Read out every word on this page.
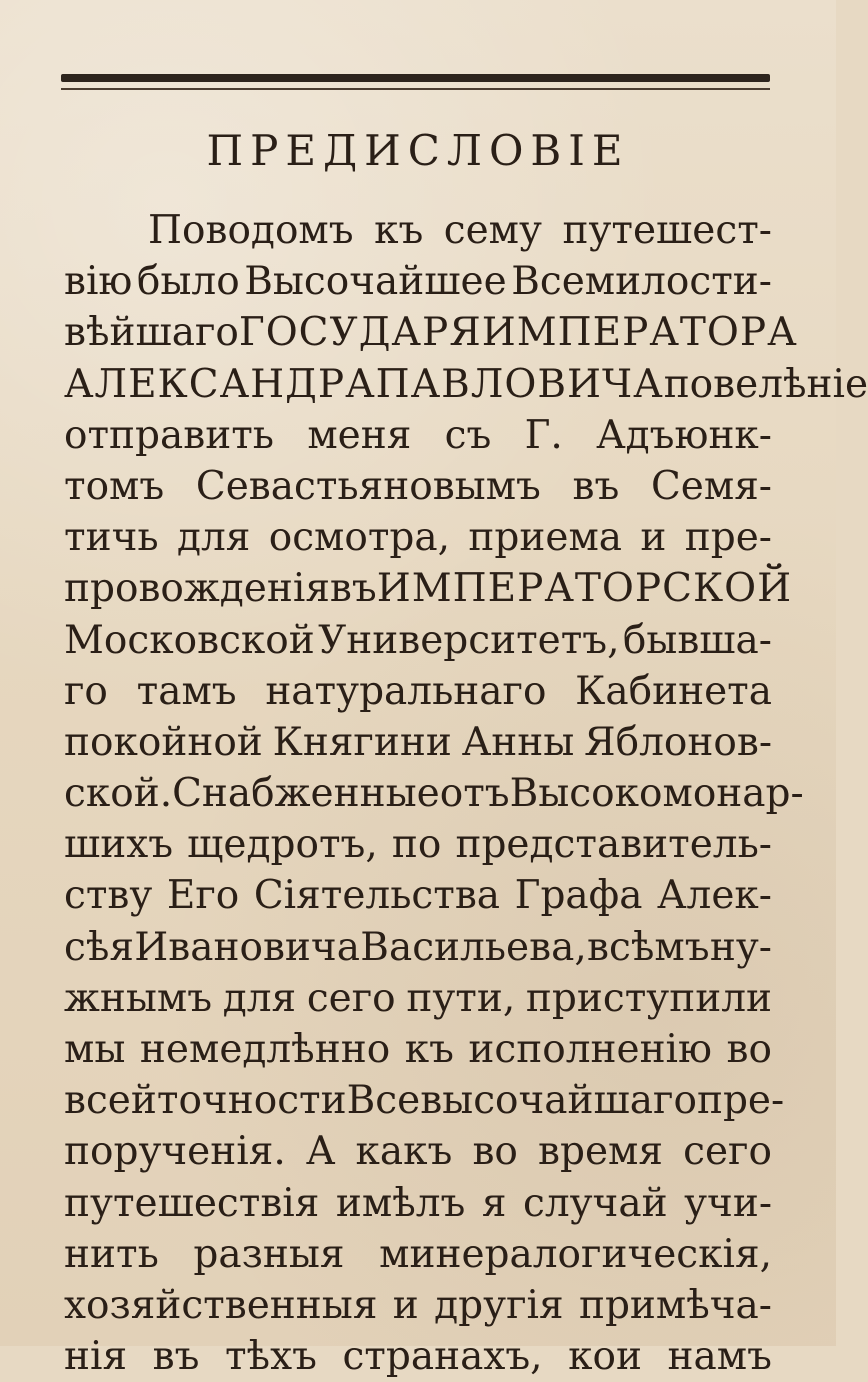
ПРЕДИСЛОВІЕ
Поводомъ къ сему путешест-
вію было Высочайшее Всемилости-
вѣйшаго ГОСУДАРЯ ИМПЕРАТОРА
АЛЕКСАНДРА ПАВЛОВИЧА повелѣніе
отправить меня съ Г. Адъюнк-
томъ Севастьяновымъ въ Семя-
тичь для осмотра, приема и пре-
провожденія въ ИМПЕРАТОРСКОЙ
Московской Университетъ, бывша-
го тамъ натуральнаго Кабинета
покойной Княгини Анны Яблонов-
ской. Снабженные отъ Высокомонар-
шихъ щедротъ, по представитель-
ству Его Сіятельства Графа Алек-
сѣя Ивановича Васильева, всѣмъ ну-
жнымъ для сего пути, приступили
мы немедлѣнно къ исполненію во
всей точности Всевысочайшаго пре-
порученія. А какъ во время сего
путешествія имѣлъ я случай учи-
нить разныя минералогическія,
хозяйственныя и другія примѣча-
нія въ тѣхъ странахъ, кои намъ
